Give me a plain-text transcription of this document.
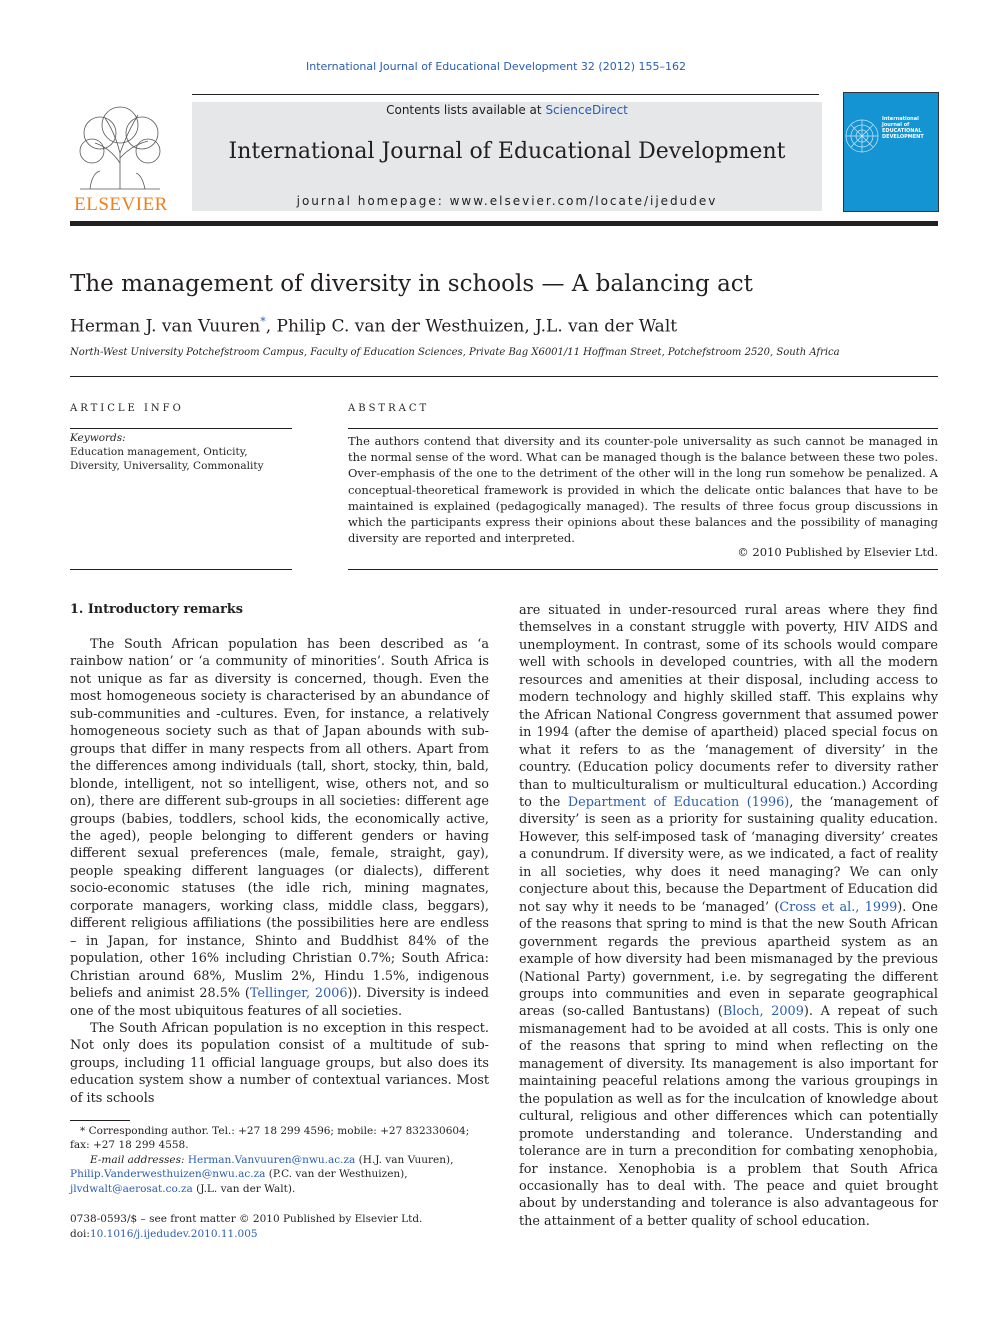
International Journal of Educational Development 32 (2012) 155–162
ELSEVIER
Contents lists available at ScienceDirect
International Journal of Educational Development
journal homepage: www.elsevier.com/locate/ijedudev
International Journal of EDUCATIONAL DEVELOPMENT
The management of diversity in schools — A balancing act
Herman J. van Vuuren*, Philip C. van der Westhuizen, J.L. van der Walt
North-West University Potchefstroom Campus, Faculty of Education Sciences, Private Bag X6001/11 Hoffman Street, Potchefstroom 2520, South Africa
ARTICLE INFO
Keywords:
Education management, Onticity, Diversity, Universality, Commonality
ABSTRACT
The authors contend that diversity and its counter-pole universality as such cannot be managed in the normal sense of the word. What can be managed though is the balance between these two poles. Over-emphasis of the one to the detriment of the other will in the long run somehow be penalized. A conceptual-theoretical framework is provided in which the delicate ontic balances that have to be maintained is explained (pedagogically managed). The results of three focus group discussions in which the participants express their opinions about these balances and the possibility of managing diversity are reported and interpreted.
© 2010 Published by Elsevier Ltd.
1. Introductory remarks

The South African population has been described as ‘a rainbow nation’ or ‘a community of minorities’. South Africa is not unique as far as diversity is concerned, though. Even the most homogeneous society is characterised by an abundance of sub-communities and -cultures. Even, for instance, a relatively homogeneous society such as that of Japan abounds with sub-groups that differ in many respects from all others. Apart from the differences among individuals (tall, short, stocky, thin, bald, blonde, intelligent, not so intelligent, wise, others not, and so on), there are different sub-groups in all societies: different age groups (babies, toddlers, school kids, the economically active, the aged), people belonging to different genders or having different sexual preferences (male, female, straight, gay), people speaking different languages (or dialects), different socio-economic statuses (the idle rich, mining magnates, corporate managers, working class, middle class, beggars), different religious affiliations (the possibilities here are endless – in Japan, for instance, Shinto and Buddhist 84% of the population, other 16% including Christian 0.7%; South Africa: Christian around 68%, Muslim 2%, Hindu 1.5%, indigenous beliefs and animist 28.5% (Tellinger, 2006)). Diversity is indeed one of the most ubiquitous features of all societies.

The South African population is no exception in this respect. Not only does its population consist of a multitude of sub-groups, including 11 official language groups, but also does its education system show a number of contextual variances. Most of its schools

are situated in under-resourced rural areas where they find themselves in a constant struggle with poverty, HIV AIDS and unemployment. In contrast, some of its schools would compare well with schools in developed countries, with all the modern resources and amenities at their disposal, including access to modern technology and highly skilled staff. This explains why the African National Congress government that assumed power in 1994 (after the demise of apartheid) placed special focus on what it refers to as the ‘management of diversity’ in the country. (Education policy documents refer to diversity rather than to multiculturalism or multicultural education.) According to the Department of Education (1996), the ‘management of diversity’ is seen as a priority for sustaining quality education. However, this self-imposed task of ‘managing diversity’ creates a conundrum. If diversity were, as we indicated, a fact of reality in all societies, why does it need managing? We can only conjecture about this, because the Department of Education did not say why it needs to be ‘managed’ (Cross et al., 1999). One of the reasons that spring to mind is that the new South African government regards the previous apartheid system as an example of how diversity had been mismanaged by the previous (National Party) government, i.e. by segregating the different groups into communities and even in separate geographical areas (so-called Bantustans) (Bloch, 2009). A repeat of such mismanagement had to be avoided at all costs. This is only one of the reasons that spring to mind when reflecting on the management of diversity. Its management is also important for maintaining peaceful relations among the various groupings in the population as well as for the inculcation of knowledge about cultural, religious and other differences which can potentially promote understanding and tolerance. Understanding and tolerance are in turn a precondition for combating xenophobia, for instance. Xenophobia is a problem that South Africa occasionally has to deal with. The peace and quiet brought about by understanding and tolerance is also advantageous for the attainment of a better quality of school education.

* Corresponding author. Tel.: +27 18 299 4596; mobile: +27 832330604; fax: +27 18 299 4558.
E-mail addresses: Herman.Vanvuuren@nwu.ac.za (H.J. van Vuuren), Philip.Vanderwesthuizen@nwu.ac.za (P.C. van der Westhuizen), jlvdwalt@aerosat.co.za (J.L. van der Walt).
0738-0593/$ – see front matter © 2010 Published by Elsevier Ltd.
doi:10.1016/j.ijedudev.2010.11.005
